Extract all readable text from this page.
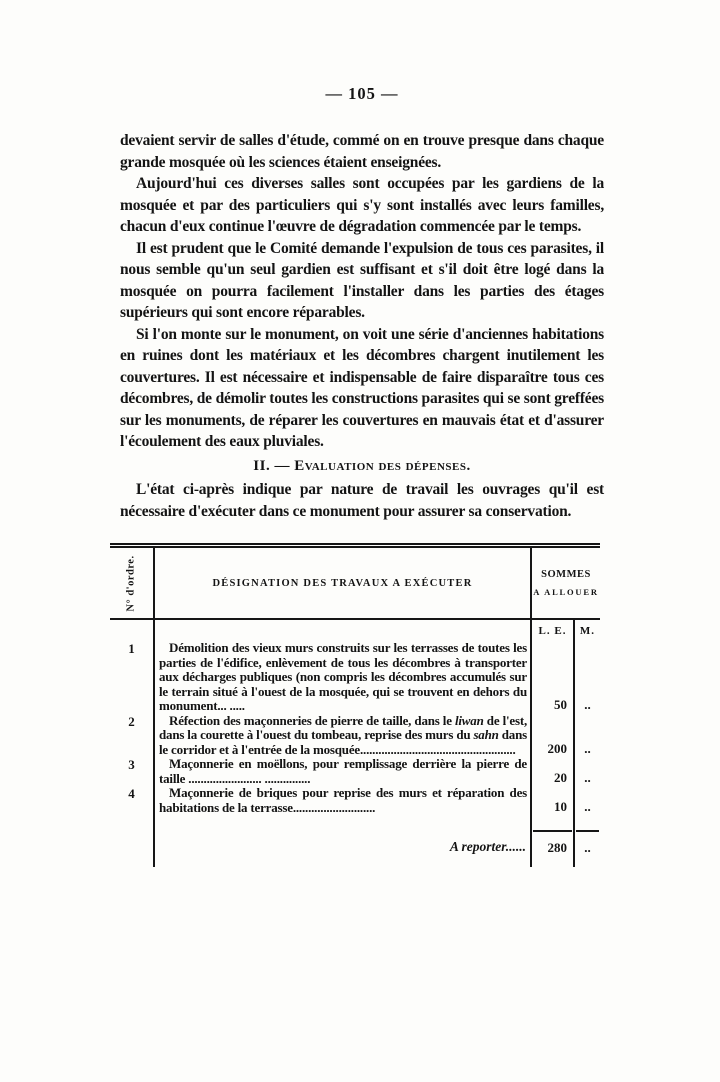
— 105 —

devaient servir de salles d'étude, commé on en trouve presque dans chaque grande mosquée où les sciences étaient enseignées.

Aujourd'hui ces diverses salles sont occupées par les gardiens de la mosquée et par des particuliers qui s'y sont installés avec leurs familles, chacun d'eux continue l'œuvre de dégradation commencée par le temps.

Il est prudent que le Comité demande l'expulsion de tous ces parasites, il nous semble qu'un seul gardien est suffisant et s'il doit être logé dans la mosquée on pourra facilement l'installer dans les parties des étages supérieurs qui sont encore réparables.

Si l'on monte sur le monument, on voit une série d'anciennes habitations en ruines dont les matériaux et les décombres chargent inutilement les couvertures. Il est nécessaire et indispensable de faire disparaître tous ces décombres, de démolir toutes les constructions parasites qui se sont greffées sur les monuments, de réparer les couvertures en mauvais état et d'assurer l'écoulement des eaux pluviales.

II. — Evaluation des dépenses.

L'état ci-après indique par nature de travail les ouvrages qu'il est nécessaire d'exécuter dans ce monument pour assurer sa conservation.

N° d'ordre.	DÉSIGNATION DES TRAVAUX A EXÉCUTER
SOMMES
A ALLOUER
L. E.	M.
1	Démolition des vieux murs construits sur les terrasses de toutes les parties de l'édifice, enlèvement de tous les décombres à transporter aux décharges publiques (non compris les décombres accumulés sur le terrain situé à l'ouest de la mosquée, qui se trouvent en dehors du monument... .....	50	..
2	Réfection des maçonneries de pierre de taille, dans le liwan de l'est, dans la courette à l'ouest du tombeau, reprise des murs du sahn dans le corridor et à l'entrée de la mosquée...................................................	200	..
3	Maçonnerie en moëllons, pour remplissage derrière la pierre de taille ........................ ...............	20	..
4	Maçonnerie de briques pour reprise des murs et réparation des habitations de la terrasse...........................	10	..
A reporter......	280	..
